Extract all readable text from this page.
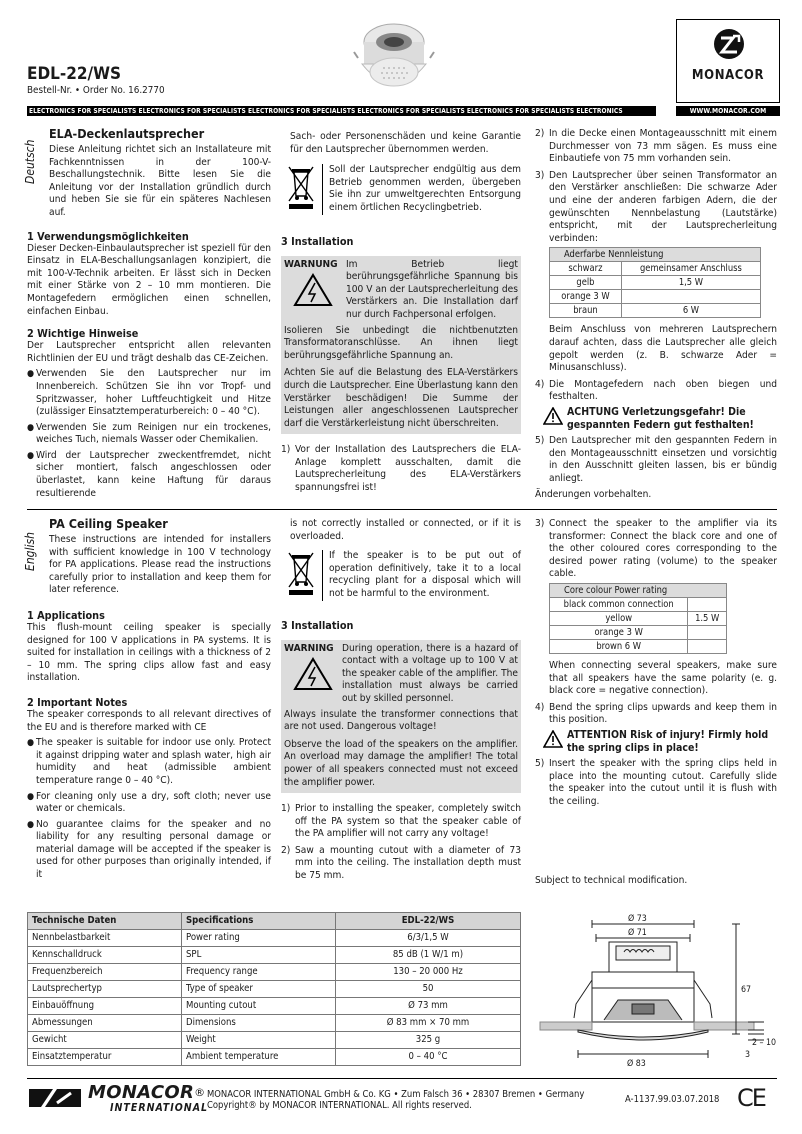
EDL-22/WS
Bestell-Nr. • Order No. 16.2770
MONACOR
ELECTRONICS FOR SPECIALISTS ELECTRONICS FOR SPECIALISTS ELECTRONICS FOR SPECIALISTS ELECTRONICS FOR SPECIALISTS ELECTRONICS FOR SPECIALISTS ELECTRONICS	WWW.MONACOR.COM
Deutsch
ELA-Deckenlautsprecher

Diese Anleitung richtet sich an Installateure mit Fachkenntnissen in der 100-V-Beschallungstechnik. Bitte lesen Sie die Anleitung vor der Installation gründlich durch und heben Sie sie für ein späteres Nachlesen auf.

1 Verwendungsmöglichkeiten

Dieser Decken-Einbaulautsprecher ist speziell für den Einsatz in ELA-Beschallungsanlagen konzipiert, die mit 100-V-Technik arbeiten. Er lässt sich in Decken mit einer Stärke von 2 – 10 mm montieren. Die Montagefedern ermöglichen einen schnellen, einfachen Einbau.

2 Wichtige Hinweise

Der Lautsprecher entspricht allen relevanten Richtlinien der EU und trägt deshalb das CE-Zeichen.

● Verwenden Sie den Lautsprecher nur im Innenbereich. Schützen Sie ihn vor Tropf- und Spritzwasser, hoher Luftfeuchtigkeit und Hitze (zulässiger Einsatztemperaturbereich: 0 – 40 °C).
● Verwenden Sie zum Reinigen nur ein trockenes, weiches Tuch, niemals Wasser oder Chemikalien.
● Wird der Lautsprecher zweckentfremdet, nicht sicher montiert, falsch angeschlossen oder überlastet, kann keine Haftung für daraus resultierende

Sach- oder Personenschäden und keine Garantie für den Lautsprecher übernommen werden.

Soll der Lautsprecher endgültig aus dem Betrieb genommen werden, übergeben Sie ihn zur umweltgerechten Entsorgung einem örtlichen Recyclingbetrieb.

3 Installation
WARNUNG Im Betrieb liegt berührungsgefährliche Spannung bis 100 V an der Lautsprecherleitung des Verstärkers an. Die Installation darf nur durch Fachpersonal erfolgen.

Isolieren Sie unbedingt die nichtbenutzten Transformatoranschlüsse. An ihnen liegt berührungsgefährliche Spannung an.

Achten Sie auf die Belastung des ELA-Verstärkers durch die Lautsprecher. Eine Überlastung kann den Verstärker beschädigen! Die Summe der Leistungen aller angeschlossenen Lautsprecher darf die Verstärkerleistung nicht überschreiten.

1) Vor der Installation des Lautsprechers die ELA-Anlage komplett ausschalten, damit die Lautsprecherleitung des ELA-Verstärkers spannungsfrei ist!
2) In die Decke einen Montageausschnitt mit einem Durchmesser von 73 mm sägen. Es muss eine Einbautiefe von 75 mm vorhanden sein.
3) Den Lautsprecher über seinen Transformator an den Verstärker anschließen: Die schwarze Ader und eine der anderen farbigen Adern, die der gewünschten Nennbelastung (Lautstärke) entspricht, mit der Lautsprecherleitung verbinden:
Aderfarbe Nennleistung	
schwarz	gemeinsamer Anschluss
gelb	1,5 W
orange 3 W	
braun	6 W

Beim Anschluss von mehreren Lautsprechern darauf achten, dass die Lautsprecher alle gleich gepolt werden (z. B. schwarze Ader = Minusanschluss).

4) Die Montagefedern nach oben biegen und festhalten.

ACHTUNG Verletzungsgefahr! Die gespannten Federn gut festhalten!

5) Den Lautsprecher mit den gespannten Federn in den Montageausschnitt einsetzen und vorsichtig in den Ausschnitt gleiten lassen, bis er bündig anliegt.

Änderungen vorbehalten.

English
PA Ceiling Speaker

These instructions are intended for installers with sufficient knowledge in 100 V technology for PA applications. Please read the instructions carefully prior to installation and keep them for later reference.

1 Applications

This flush-mount ceiling speaker is specially designed for 100 V applications in PA systems. It is suited for installation in ceilings with a thickness of 2 – 10 mm. The spring clips allow fast and easy installation.

2 Important Notes

The speaker corresponds to all relevant directives of the EU and is therefore marked with CE

● The speaker is suitable for indoor use only. Protect it against dripping water and splash water, high air humidity and heat (admissible ambient temperature range 0 – 40 °C).
● For cleaning only use a dry, soft cloth; never use water or chemicals.
● No guarantee claims for the speaker and no liability for any resulting personal damage or material damage will be accepted if the speaker is used for other purposes than originally intended, if it

is not correctly installed or connected, or if it is overloaded.

If the speaker is to be put out of operation definitively, take it to a local recycling plant for a disposal which will not be harmful to the environment.

3 Installation
WARNING During operation, there is a hazard of contact with a voltage up to 100 V at the speaker cable of the amplifier. The installation must always be carried out by skilled personnel.

Always insulate the transformer connections that are not used. Dangerous voltage!

Observe the load of the speakers on the amplifier. An overload may damage the amplifier! The total power of all speakers connected must not exceed the amplifier power.

1) Prior to installing the speaker, completely switch off the PA system so that the speaker cable of the PA amplifier will not carry any voltage!
2) Saw a mounting cutout with a diameter of 73 mm into the ceiling. The installation depth must be 75 mm.
3) Connect the speaker to the amplifier via its transformer: Connect the black core and one of the other coloured cores corresponding to the desired power rating (volume) to the speaker cable.
Core colour Power rating	
black common connection	
yellow	1.5 W
orange 3 W	
brown 6 W	

When connecting several speakers, make sure that all speakers have the same polarity (e. g. black core = negative connection).

4) Bend the spring clips upwards and keep them in this position.

ATTENTION Risk of injury! Firmly hold the spring clips in place!

5) Insert the speaker with the spring clips held in place into the mounting cutout. Carefully slide the speaker into the cutout until it is flush with the ceiling.
Subject to technical modification.
Technische Daten	Specifications	EDL-22/WS
Nennbelastbarkeit	Power rating	6/3/1,5 W
Kennschalldruck	SPL	85 dB (1 W/1 m)
Frequenzbereich	Frequency range	130 – 20 000 Hz
Lautsprechertyp	Type of speaker	50
Einbauöffnung	Mounting cutout	Ø 73 mm
Abmessungen	Dimensions	Ø 83 mm × 70 mm
Gewicht	Weight	325 g
Einsatztemperatur	Ambient temperature	0 – 40 °C
Ø 73
Ø 71
Ø 83
67
2 – 10
3
MONACOR®
INTERNATIONAL
MONACOR INTERNATIONAL GmbH & Co. KG • Zum Falsch 36 • 28307 Bremen • Germany
Copyright® by MONACOR INTERNATIONAL. All rights reserved.
A-1137.99.03.07.2018 CE
